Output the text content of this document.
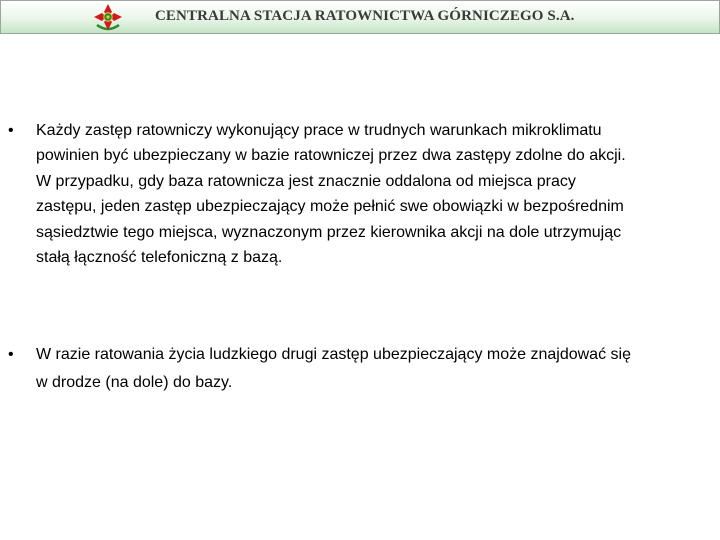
CENTRALNA STACJA RATOWNICTWA GÓRNICZEGO S.A.
• Każdy zastęp ratowniczy wykonujący prace w trudnych warunkach mikroklimatu
powinien być ubezpieczany w bazie ratowniczej przez dwa zastępy zdolne do akcji.
W przypadku, gdy baza ratownicza jest znacznie oddalona od miejsca pracy
zastępu, jeden zastęp ubezpieczający może pełnić swe obowiązki w bezpośrednim
sąsiedztwie tego miejsca, wyznaczonym przez kierownika akcji na dole utrzymując
stałą łączność telefoniczną z bazą.
• W razie ratowania życia ludzkiego drugi zastęp ubezpieczający może znajdować się
w drodze (na dole) do bazy.
